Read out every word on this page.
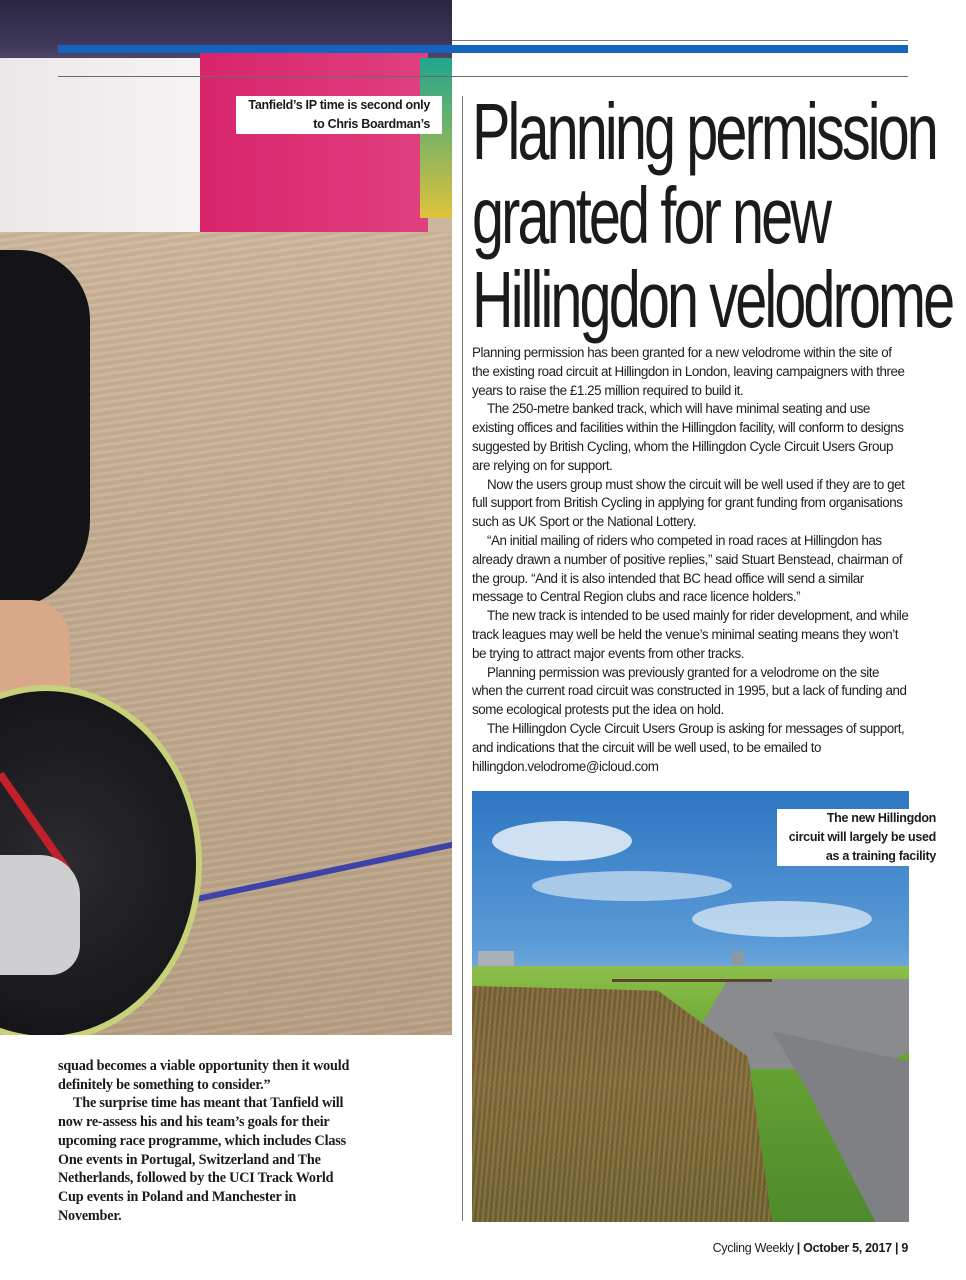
Tanfield’s IP time is second only
to Chris Boardman’s Planning permission
granted for new
Hillingdon velodrome

Planning permission has been granted for a new velodrome within the site of the existing road circuit at Hillingdon in London, leaving campaigners with three years to raise the £1.25 million required to build it.

The 250-metre banked track, which will have minimal seating and use existing offices and facilities within the Hillingdon facility, will conform to designs suggested by British Cycling, whom the Hillingdon Cycle Circuit Users Group are relying on for support.

Now the users group must show the circuit will be well used if they are to get full support from British Cycling in applying for grant funding from organisations such as UK Sport or the National Lottery.

“An initial mailing of riders who competed in road races at Hillingdon has already drawn a number of positive replies,” said Stuart Benstead, chairman of the group. “And it is also intended that BC head office will send a similar message to Central Region clubs and race licence holders.”

The new track is intended to be used mainly for rider development, and while track leagues may well be held the venue’s minimal seating means they won’t be trying to attract major events from other tracks.

Planning permission was previously granted for a velodrome on the site when the current road circuit was constructed in 1995, but a lack of funding and some ecological protests put the idea on hold.

The Hillingdon Cycle Circuit Users Group is asking for messages of support, and indications that the circuit will be well used, to be emailed to hillingdon.velodrome@icloud.com

The new Hillingdon
circuit will largely be used
as a training facility

squad becomes a viable opportunity then it would definitely be something to consider.”

The surprise time has meant that Tanfield will now re-assess his and his team’s goals for their upcoming race programme, which includes Class One events in Portugal, Switzerland and The Netherlands, followed by the UCI Track World Cup events in Poland and Manchester in November.

Cycling Weekly | October 5, 2017 | 9
